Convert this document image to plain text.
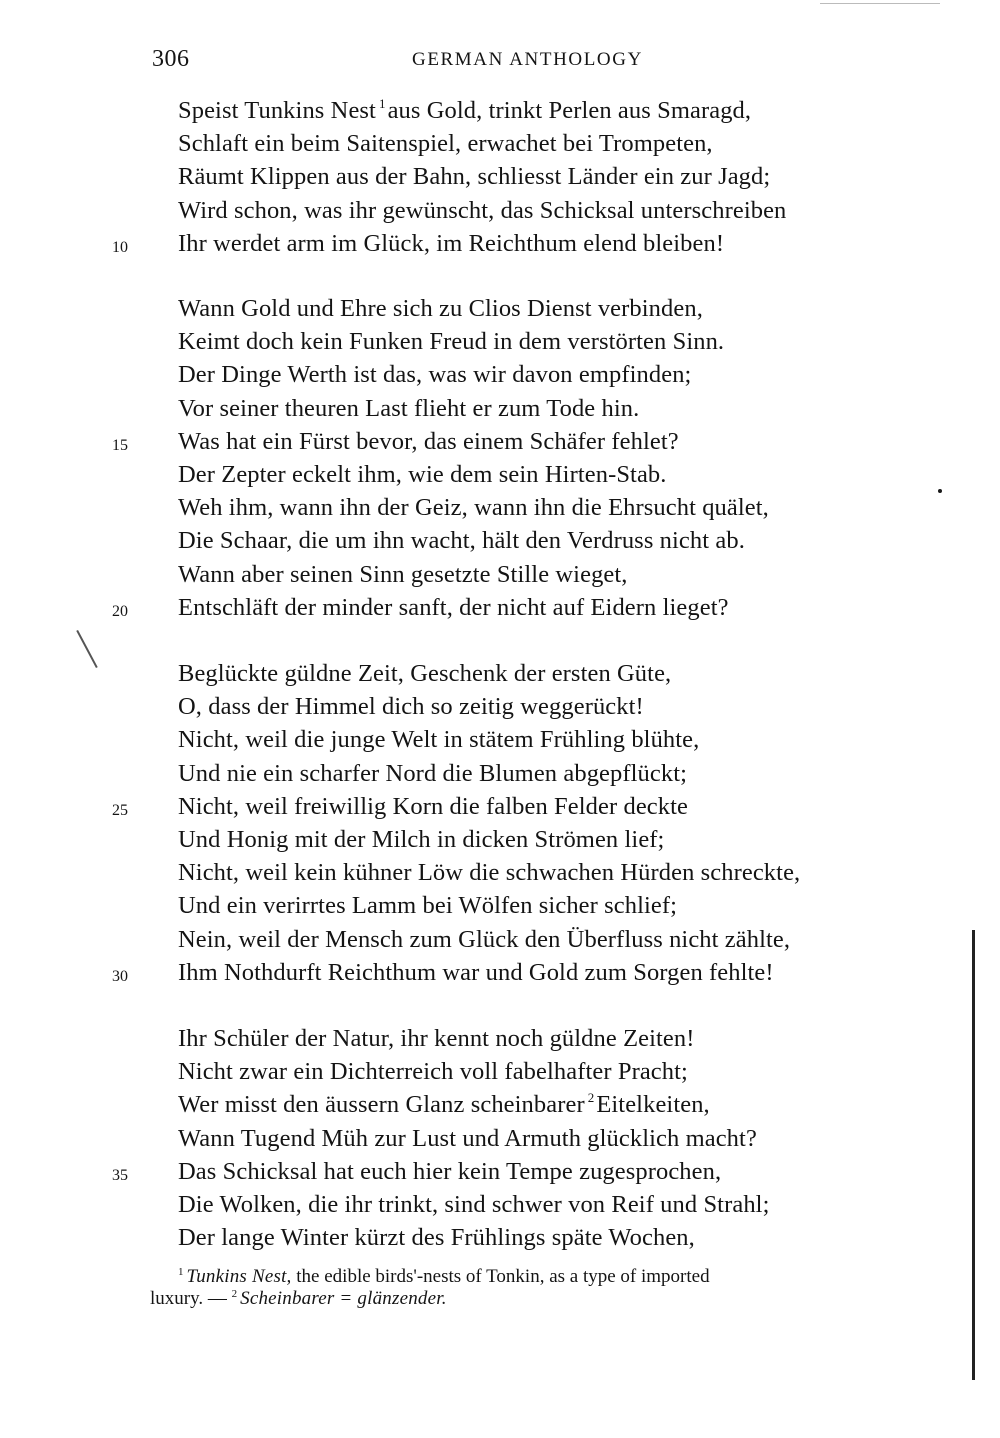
306	GERMAN ANTHOLOGY
Speist Tunkins Nest $^1$aus Gold, trinkt Perlen aus Smaragd,
Schlaft ein beim Saitenspiel, erwachet bei Trompeten,
Räumt Klippen aus der Bahn, schliesst Länder ein zur Jagd;
Wird schon, was ihr gewünscht, das Schicksal unterschreiben
10	Ihr werdet arm im Glück, im Reichthum elend bleiben!
Wann Gold und Ehre sich zu Clios Dienst verbinden,
Keimt doch kein Funken Freud in dem verstörten Sinn.
Der Dinge Werth ist das, was wir davon empfinden;
Vor seiner theuren Last flieht er zum Tode hin.
15	Was hat ein Fürst bevor, das einem Schäfer fehlet?
Der Zepter eckelt ihm, wie dem sein Hirten-Stab.
Weh ihm, wann ihn der Geiz, wann ihn die Ehrsucht quälet,
Die Schaar, die um ihn wacht, hält den Verdruss nicht ab.
Wann aber seinen Sinn gesetzte Stille wieget,
20	Entschläft der minder sanft, der nicht auf Eidern lieget?
Beglückte güldne Zeit, Geschenk der ersten Güte,
O, dass der Himmel dich so zeitig weggerückt!
Nicht, weil die junge Welt in stätem Frühling blühte,
Und nie ein scharfer Nord die Blumen abgepflückt;
25	Nicht, weil freiwillig Korn die falben Felder deckte
Und Honig mit der Milch in dicken Strömen lief;
Nicht, weil kein kühner Löw die schwachen Hürden schreckte,
Und ein verirrtes Lamm bei Wölfen sicher schlief;
Nein, weil der Mensch zum Glück den Überfluss nicht zählte,
30	Ihm Nothdurft Reichthum war und Gold zum Sorgen fehlte!
Ihr Schüler der Natur, ihr kennt noch güldne Zeiten!
Nicht zwar ein Dichterreich voll fabelhafter Pracht;
Wer misst den äussern Glanz scheinbarer $^2$Eitelkeiten,
Wann Tugend Müh zur Lust und Armuth glücklich macht?
35	Das Schicksal hat euch hier kein Tempe zugesprochen,
Die Wolken, die ihr trinkt, sind schwer von Reif und Strahl;
Der lange Winter kürzt des Frühlings späte Wochen,
$^1$ Tunkins Nest, the edible birds'-nests of Tonkin, as a type of imported
luxury. — $^2$ Scheinbarer = glänzender.
